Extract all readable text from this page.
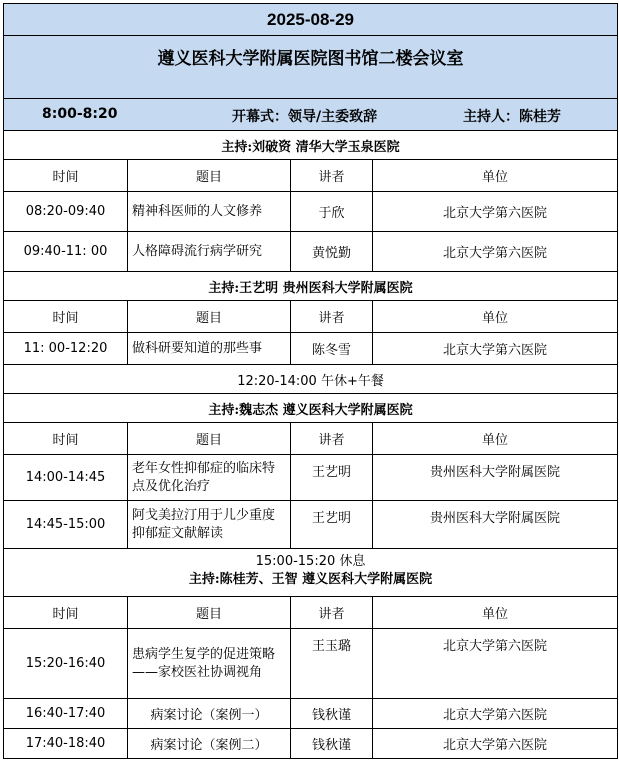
2025-08-29			
遵义医科大学附属医院图书馆二楼会议室			

8:00-8:20 开幕式：领导/主委致辞 主持人：陈桂芳			

主持:刘破资 清华大学玉泉医院			
时间	题目	讲者	单位
08:20-09:40	精神科医师的人文修养	于欣	北京大学第六医院
09:40-11: 00	人格障碍流行病学研究	黄悦勤	北京大学第六医院
主持:王艺明 贵州医科大学附属医院			
时间	题目	讲者	单位
11: 00-12:20	做科研要知道的那些事	陈冬雪	北京大学第六医院
12:20-14:00 午休+午餐			
主持:魏志杰 遵义医科大学附属医院			
时间	题目	讲者	单位
14:00-14:45	老年女性抑郁症的临床特点及优化治疗	王艺明	贵州医科大学附属医院
14:45-15:00	阿戈美拉汀用于儿少重度抑郁症文献解读	王艺明	贵州医科大学附属医院

15:00-15:20 休息
主持:陈桂芳、王智 遵义医科大学附属医院			

时间	题目	讲者	单位
15:20-16:40	患病学生复学的促进策略——家校医社协调视角	王玉璐	北京大学第六医院
16:40-17:40	病案讨论（案例一）	钱秋谨	北京大学第六医院
17:40-18:40	病案讨论（案例二）	钱秋谨	北京大学第六医院
